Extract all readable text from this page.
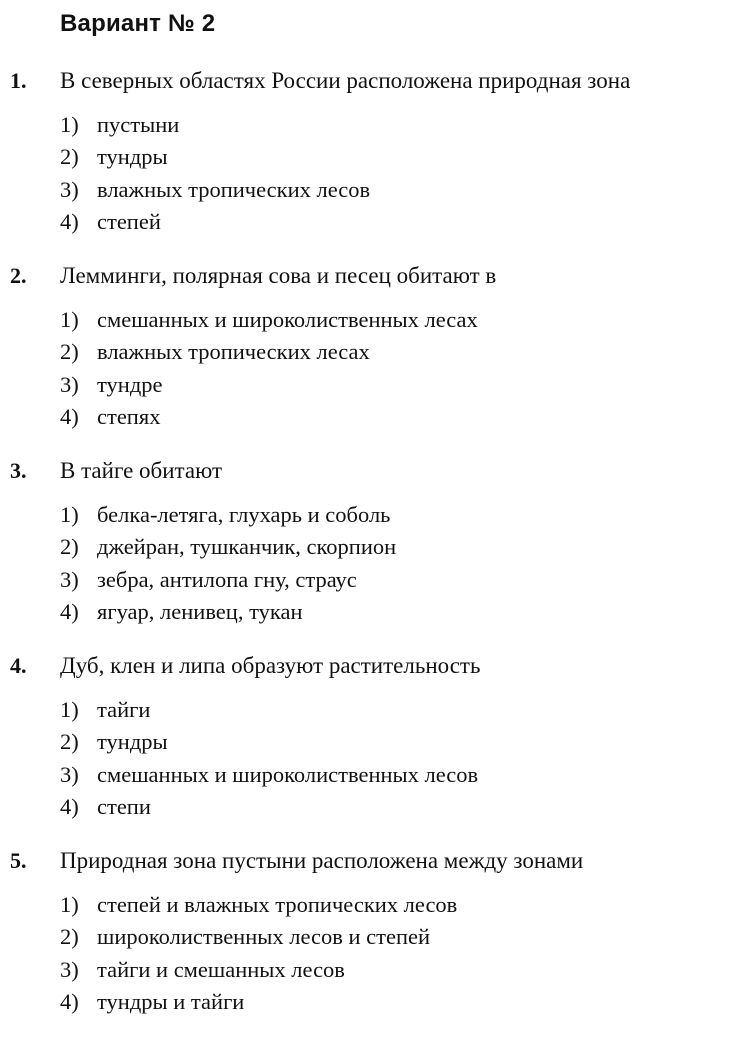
Вариант № 2
1. В северных областях России расположена природная зона
1) пустыни
2) тундры
3) влажных тропических лесов
4) степей
2. Лемминги, полярная сова и песец обитают в
1) смешанных и широколиственных лесах
2) влажных тропических лесах
3) тундре
4) степях
3. В тайге обитают
1) белка-летяга, глухарь и соболь
2) джейран, тушканчик, скорпион
3) зебра, антилопа гну, страус
4) ягуар, ленивец, тукан
4. Дуб, клен и липа образуют растительность
1) тайги
2) тундры
3) смешанных и широколиственных лесов
4) степи
5. Природная зона пустыни расположена между зонами
1) степей и влажных тропических лесов
2) широколиственных лесов и степей
3) тайги и смешанных лесов
4) тундры и тайги
